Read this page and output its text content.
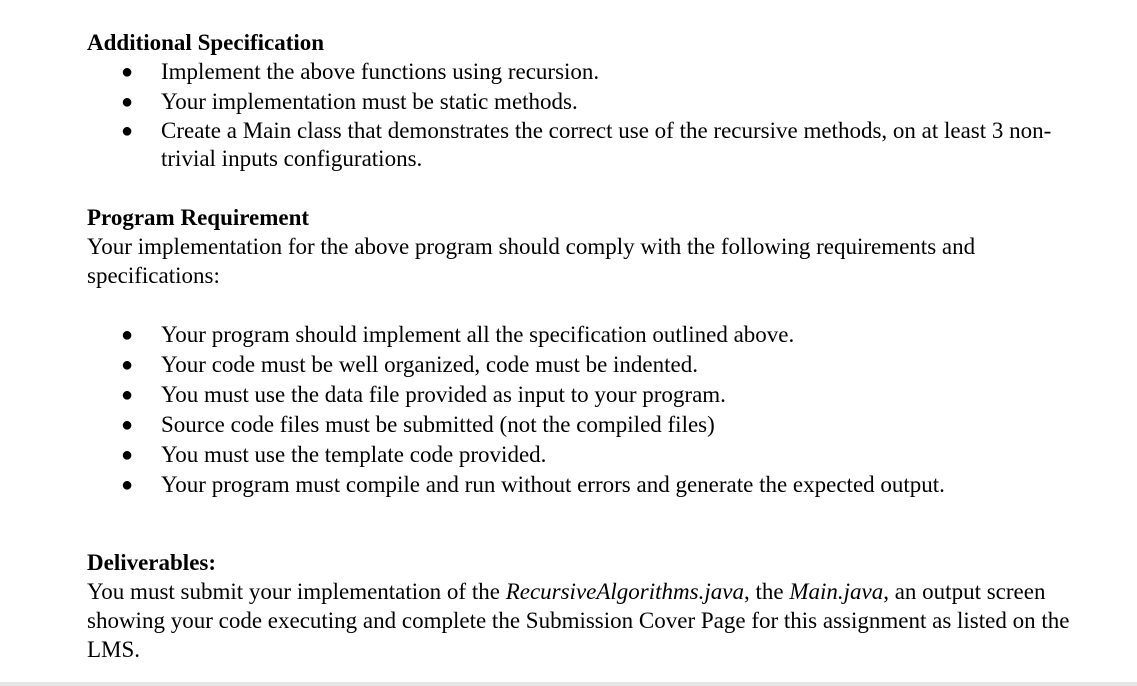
Additional Specification

● Implement the above functions using recursion.
● Your implementation must be static methods.
● Create a Main class that demonstrates the correct use of the recursive methods, on at least 3 non-trivial inputs configurations.

Program Requirement

Your implementation for the above program should comply with the following requirements and specifications:

● Your program should implement all the specification outlined above.
● Your code must be well organized, code must be indented.
● You must use the data file provided as input to your program.
● Source code files must be submitted (not the compiled files)
● You must use the template code provided.
● Your program must compile and run without errors and generate the expected output.

Deliverables:

You must submit your implementation of the RecursiveAlgorithms.java, the Main.java, an output screen showing your code executing and complete the Submission Cover Page for this assignment as listed on the LMS.
